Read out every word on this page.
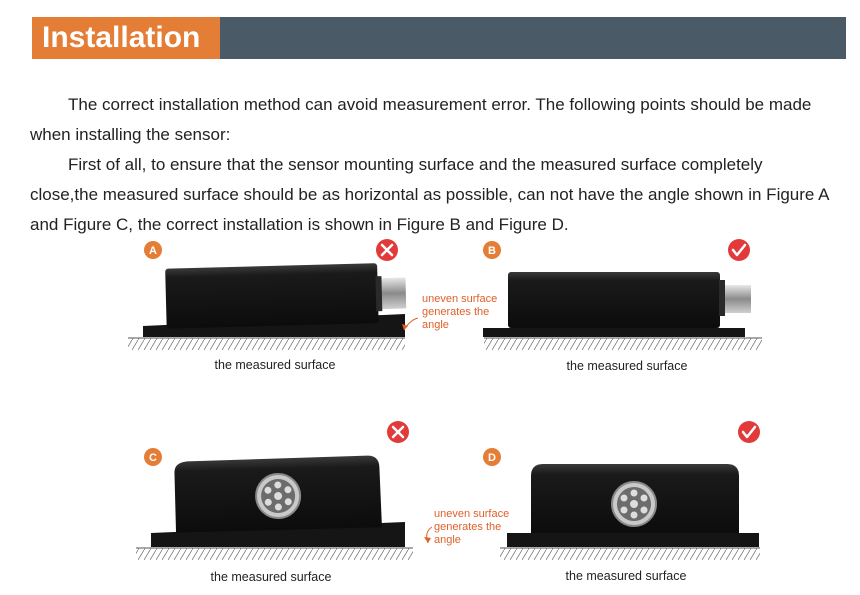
Installation

The correct installation method can avoid measurement error. The following points should be made when installing the sensor:

First of all, to ensure that the sensor mounting surface and the measured surface completely close,the measured surface should be as horizontal as possible, can not have the angle shown in Figure A and Figure C, the correct installation is shown in Figure B and Figure D.

A
uneven surface
generates the
angle
the measured surface
B
the measured surface
C
uneven surface
generates the
angle
the measured surface
D
the measured surface
